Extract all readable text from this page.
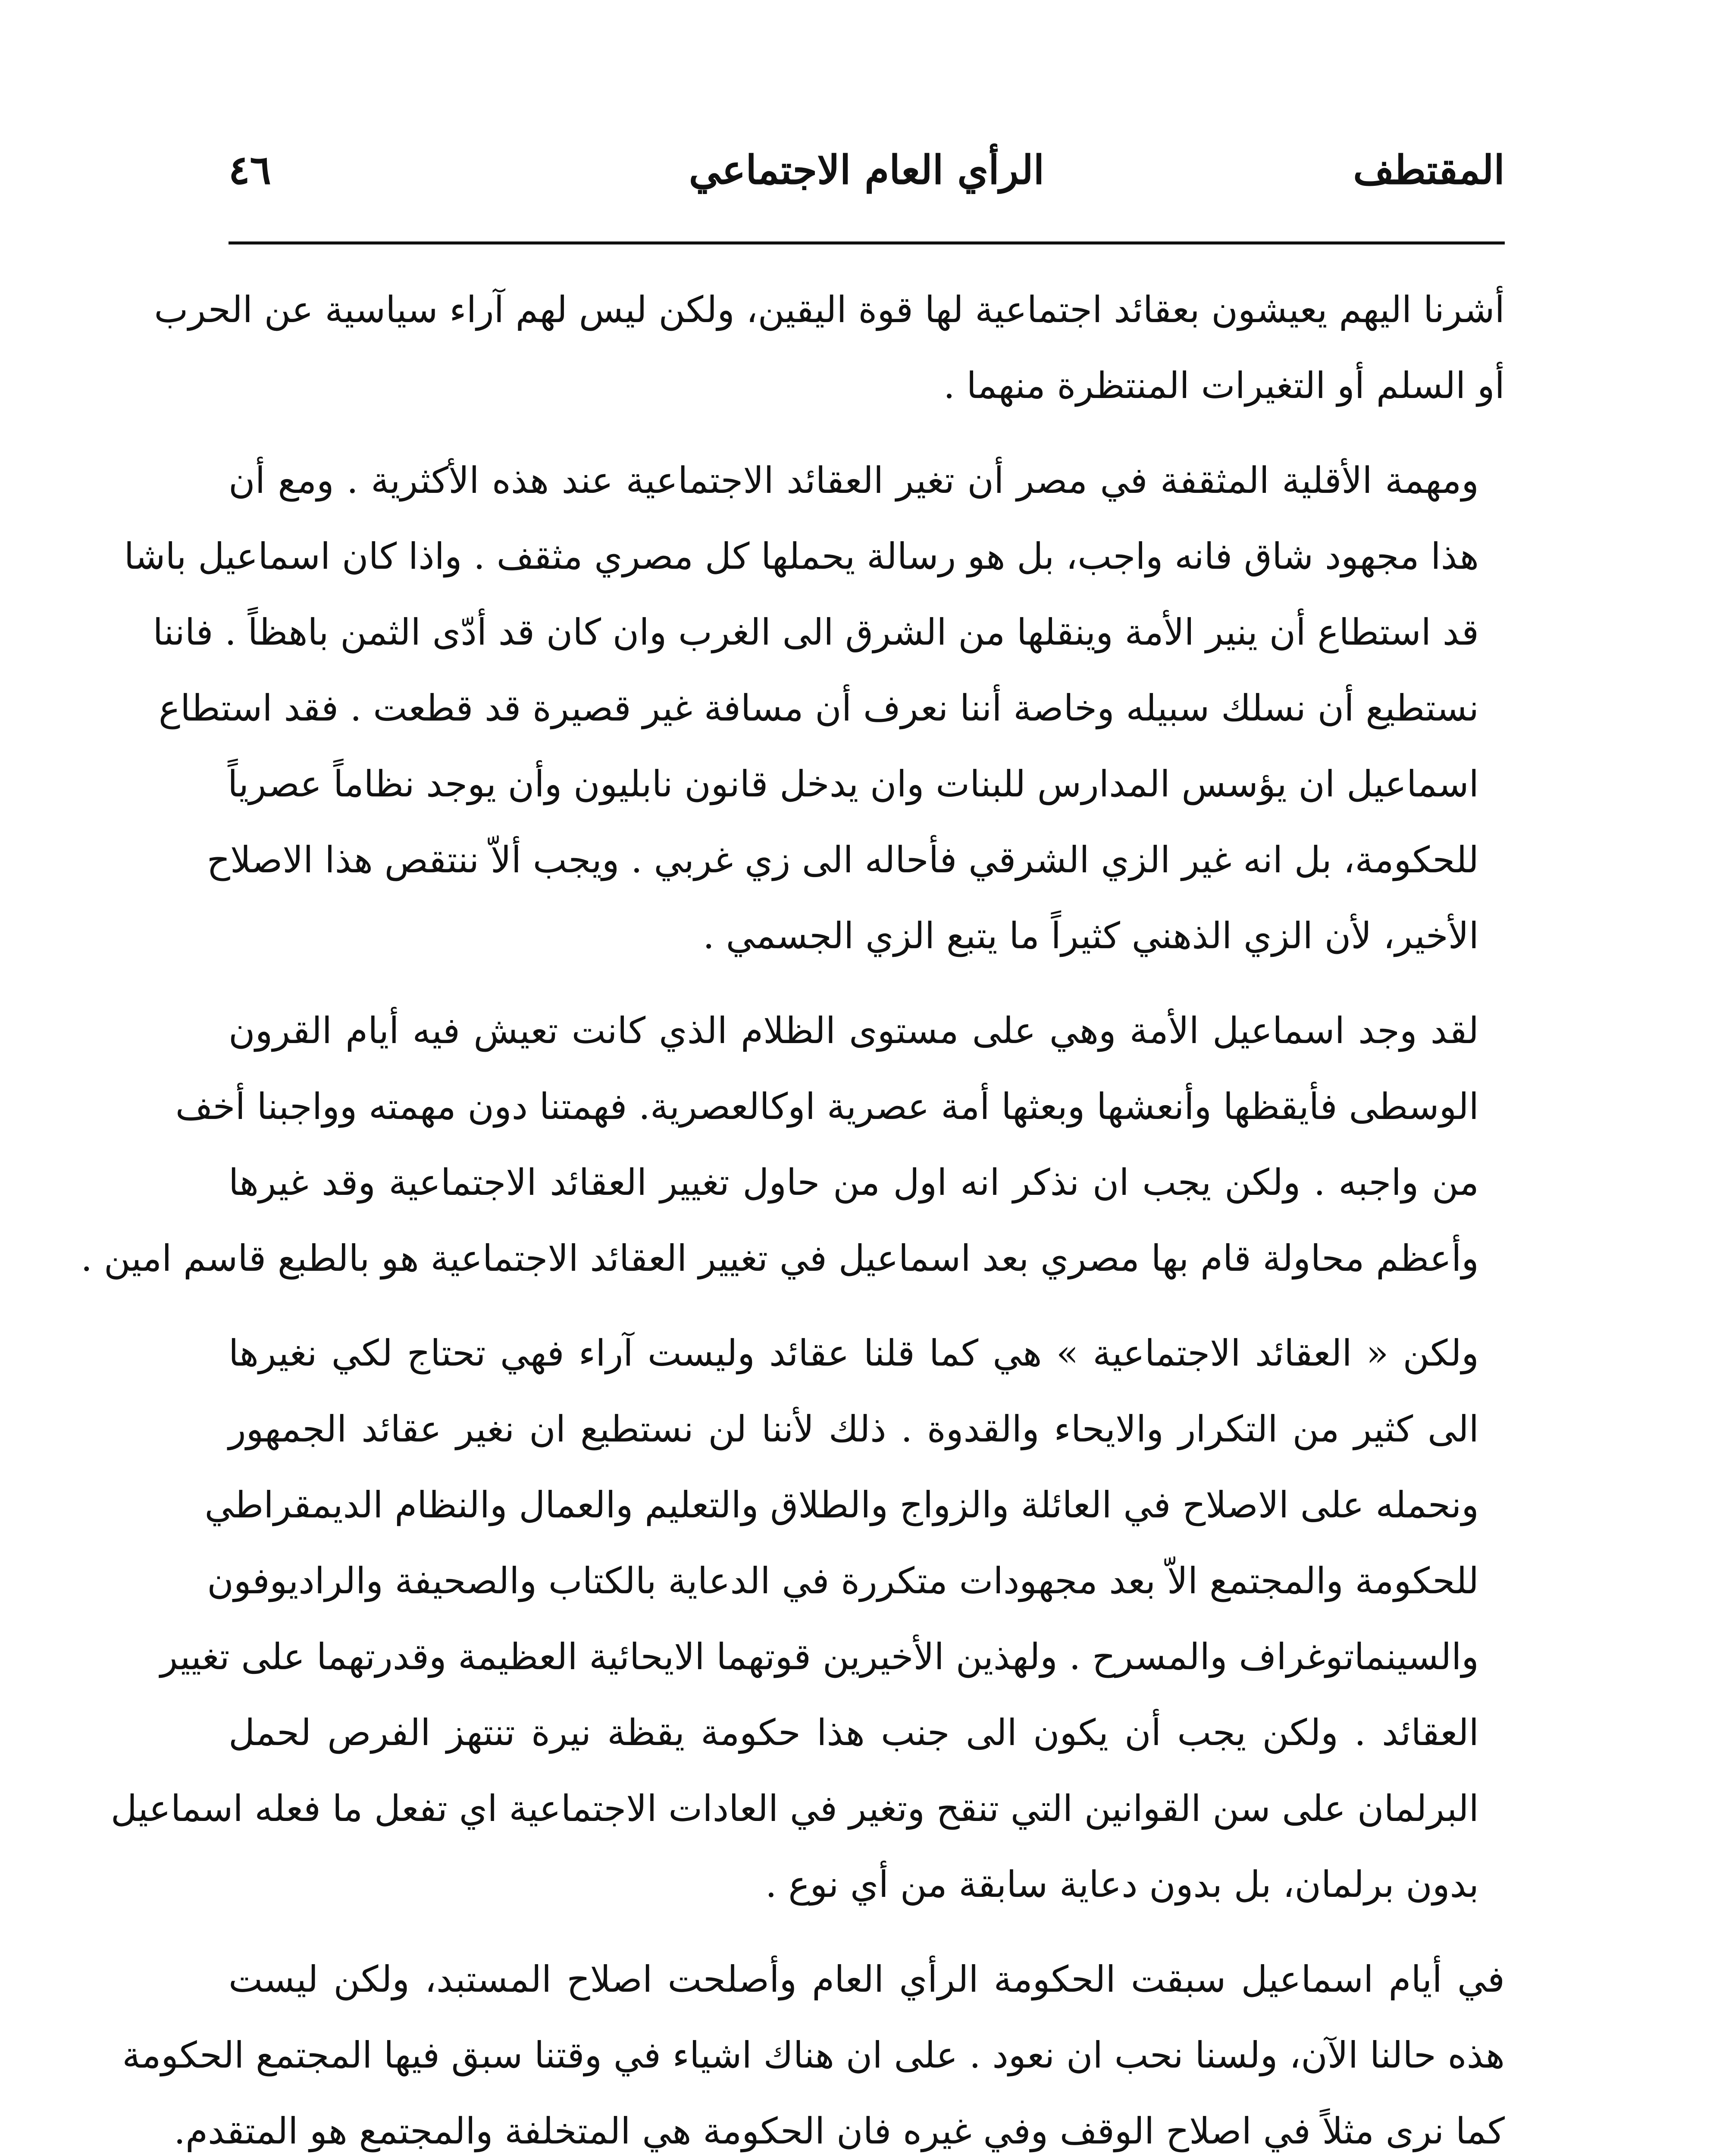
٤٦	الرأي العام الاجتماعي	المقتطف
أشرنا اليهم يعيشون بعقائد اجتماعية لها قوة اليقين، ولكن ليس لهم آراء سياسية عن الحرب
أو السلم أو التغيرات المنتظرة منهما .
ومهمة الأقلية المثقفة في مصر أن تغير العقائد الاجتماعية عند هذه الأكثرية . ومع أن
هذا مجهود شاق فانه واجب، بل هو رسالة يحملها كل مصري مثقف . واذا كان اسماعيل باشا
قد استطاع أن ينير الأمة وينقلها من الشرق الى الغرب وان كان قد أدّى الثمن باهظاً . فاننا
نستطيع أن نسلك سبيله وخاصة أننا نعرف أن مسافة غير قصيرة قد قطعت . فقد استطاع
اسماعيل ان يؤسس المدارس للبنات وان يدخل قانون نابليون وأن يوجد نظاماً عصرياً
للحكومة، بل انه غير الزي الشرقي فأحاله الى زي غربي . ويجب ألاّ ننتقص هذا الاصلاح
الأخير، لأن الزي الذهني كثيراً ما يتبع الزي الجسمي .
لقد وجد اسماعيل الأمة وهي على مستوى الظلام الذي كانت تعيش فيه أيام القرون
الوسطى فأيقظها وأنعشها وبعثها أمة عصرية اوكالعصرية. فهمتنا دون مهمته وواجبنا أخف
من واجبه . ولكن يجب ان نذكر انه اول من حاول تغيير العقائد الاجتماعية وقد غيرها
وأعظم محاولة قام بها مصري بعد اسماعيل في تغيير العقائد الاجتماعية هو بالطبع قاسم امين .
ولكن « العقائد الاجتماعية » هي كما قلنا عقائد وليست آراء فهي تحتاج لكي نغيرها
الى كثير من التكرار والايحاء والقدوة . ذلك لأننا لن نستطيع ان نغير عقائد الجمهور
ونحمله على الاصلاح في العائلة والزواج والطلاق والتعليم والعمال والنظام الديمقراطي
للحكومة والمجتمع الاّ بعد مجهودات متكررة في الدعاية بالكتاب والصحيفة والراديوفون
والسينماتوغراف والمسرح . ولهذين الأخيرين قوتهما الايحائية العظيمة وقدرتهما على تغيير
العقائد . ولكن يجب أن يكون الى جنب هذا حكومة يقظة نيرة تنتهز الفرص لحمل
البرلمان على سن القوانين التي تنقح وتغير في العادات الاجتماعية اي تفعل ما فعله اسماعيل
بدون برلمان، بل بدون دعاية سابقة من أي نوع .
في أيام اسماعيل سبقت الحكومة الرأي العام وأصلحت اصلاح المستبد، ولكن ليست
هذه حالنا الآن، ولسنا نحب ان نعود . على ان هناك اشياء في وقتنا سبق فيها المجتمع الحكومة
كما نرى مثلاً في اصلاح الوقف وفي غيره فان الحكومة هي المتخلفة والمجتمع هو المتقدم.
